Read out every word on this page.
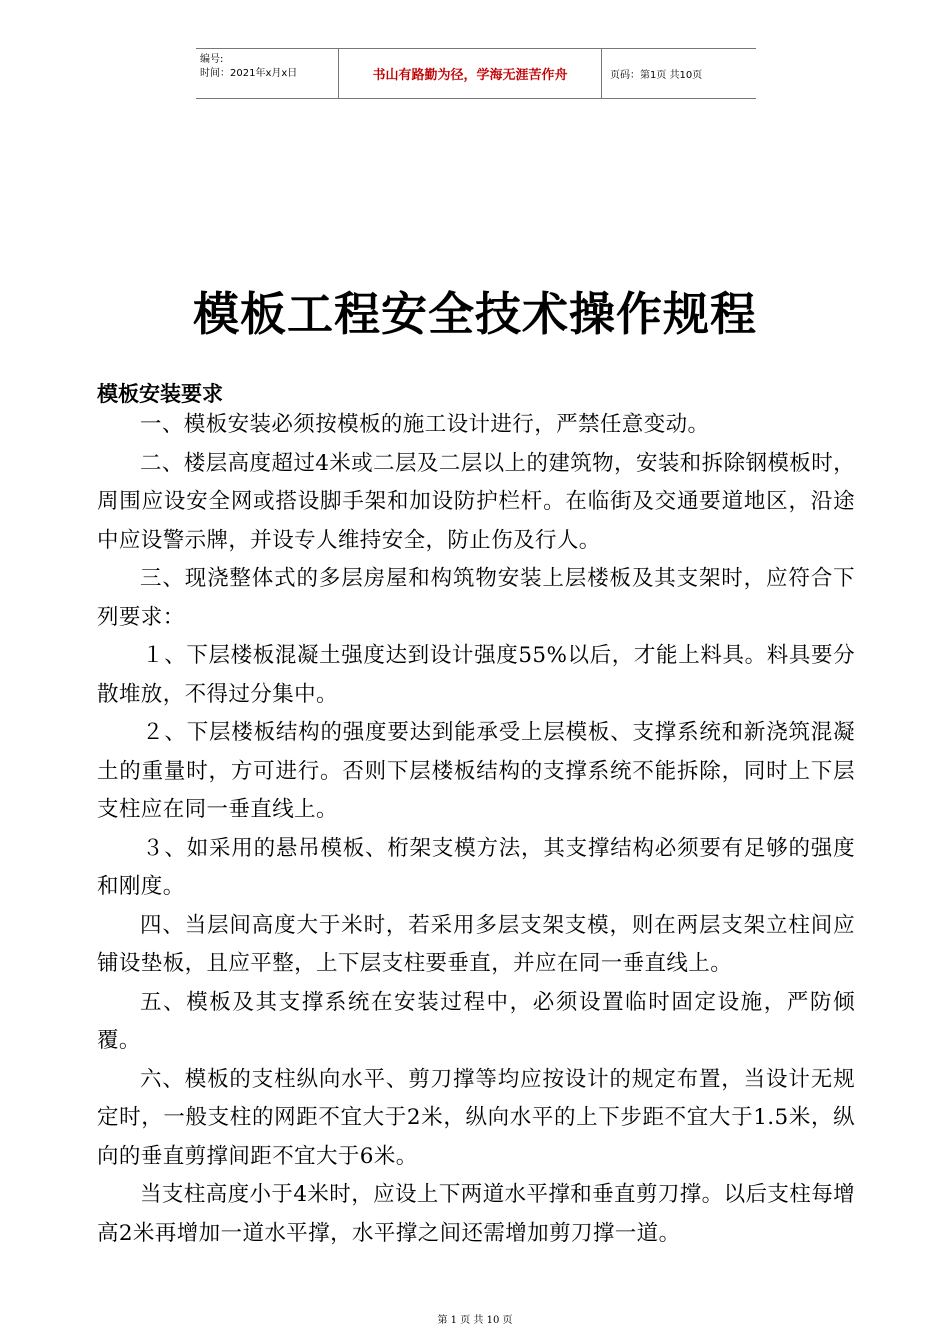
编号:
时间：2021年x月x日	书山有路勤为径，学海无涯苦作舟	页码：第1页 共10页
模板工程安全技术操作规程
模板安装要求

一、模板安装必须按模板的施工设计进行，严禁任意变动。

二、楼层高度超过4米或二层及二层以上的建筑物，安装和拆除钢模板时，周围应设安全网或搭设脚手架和加设防护栏杆。在临街及交通要道地区，沿途中应设警示牌，并设专人维持安全，防止伤及行人。

三、现浇整体式的多层房屋和构筑物安装上层楼板及其支架时，应符合下列要求：

１、下层楼板混凝土强度达到设计强度55%以后，才能上料具。料具要分散堆放，不得过分集中。

２、下层楼板结构的强度要达到能承受上层模板、支撑系统和新浇筑混凝土的重量时，方可进行。否则下层楼板结构的支撑系统不能拆除，同时上下层支柱应在同一垂直线上。

３、如采用的悬吊模板、桁架支模方法，其支撑结构必须要有足够的强度和刚度。

四、当层间高度大于米时，若采用多层支架支模，则在两层支架立柱间应铺设垫板，且应平整，上下层支柱要垂直，并应在同一垂直线上。

五、模板及其支撑系统在安装过程中，必须设置临时固定设施，严防倾覆。

六、模板的支柱纵向水平、剪刀撑等均应按设计的规定布置，当设计无规定时，一般支柱的网距不宜大于2米，纵向水平的上下步距不宜大于1.5米，纵向的垂直剪撑间距不宜大于6米。

当支柱高度小于4米时，应设上下两道水平撑和垂直剪刀撑。以后支柱每增高2米再增加一道水平撑，水平撑之间还需增加剪刀撑一道。

第 1 页 共 10 页
